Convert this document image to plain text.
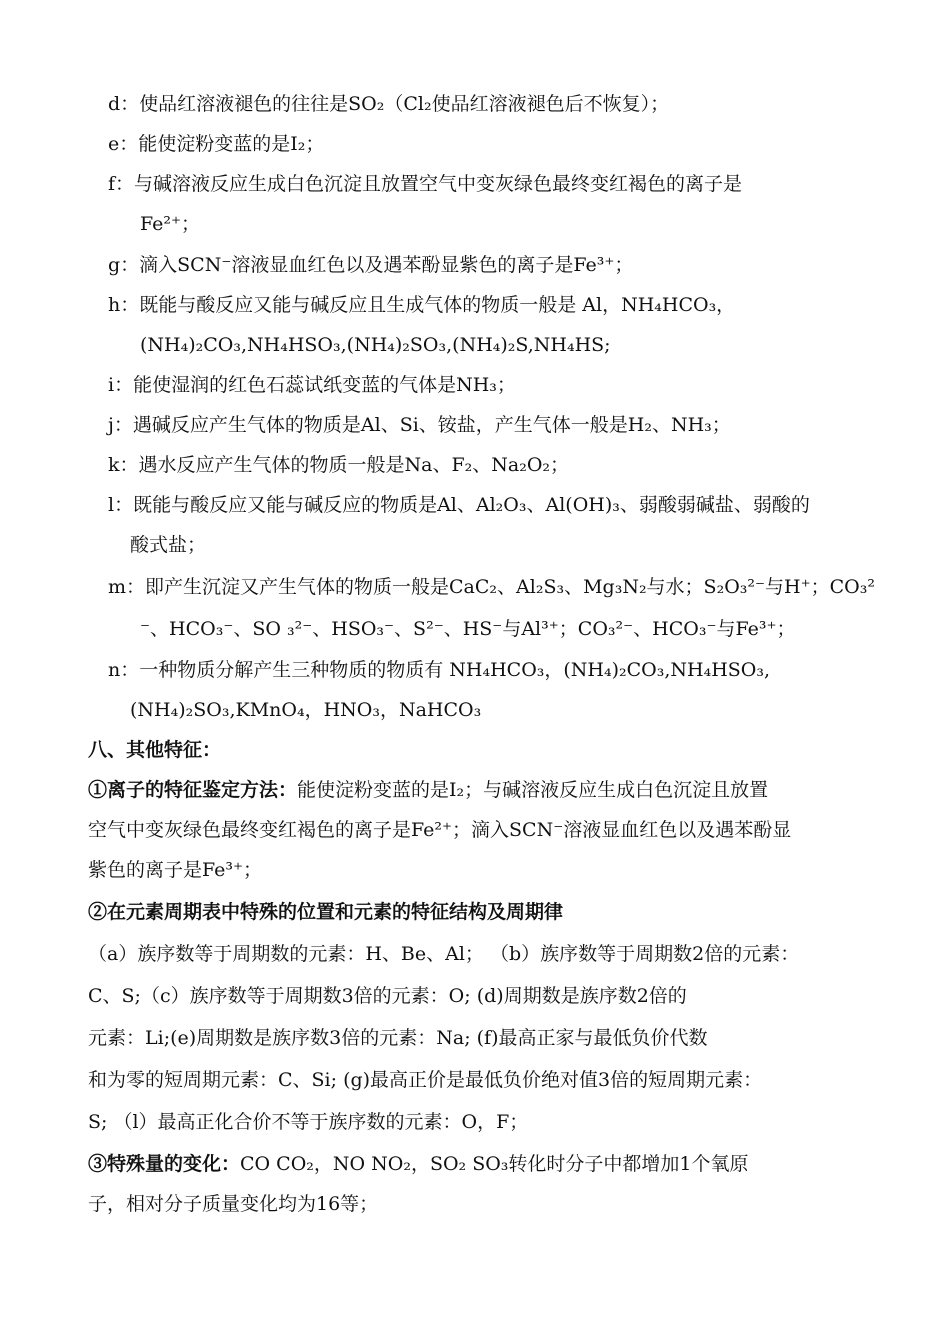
d：使品红溶液褪色的往往是SO₂（Cl₂使品红溶液褪色后不恢复）；
e：能使淀粉变蓝的是I₂；
f：与碱溶液反应生成白色沉淀且放置空气中变灰绿色最终变红褐色的离子是
Fe²⁺；
g：滴入SCN⁻溶液显血红色以及遇苯酚显紫色的离子是Fe³⁺；
h：既能与酸反应又能与碱反应且生成气体的物质一般是 Al，NH₄HCO₃，
(NH₄)₂CO₃,NH₄HSO₃,(NH₄)₂SO₃,(NH₄)₂S,NH₄HS;
i：能使湿润的红色石蕊试纸变蓝的气体是NH₃；
j：遇碱反应产生气体的物质是Al、Si、铵盐，产生气体一般是H₂、NH₃；
k：遇水反应产生气体的物质一般是Na、F₂、Na₂O₂；
l：既能与酸反应又能与碱反应的物质是Al、Al₂O₃、Al(OH)₃、弱酸弱碱盐、弱酸的
酸式盐；
m：即产生沉淀又产生气体的物质一般是CaC₂、Al₂S₃、Mg₃N₂与水；S₂O₃²⁻与H⁺；CO₃²
⁻、HCO₃⁻、SO ₃²⁻、HSO₃⁻、S²⁻、HS⁻与Al³⁺；CO₃²⁻、HCO₃⁻与Fe³⁺；
n：一种物质分解产生三种物质的物质有 NH₄HCO₃，(NH₄)₂CO₃,NH₄HSO₃,
(NH₄)₂SO₃,KMnO₄，HNO₃，NaHCO₃
八、其他特征：
①离子的特征鉴定方法：能使淀粉变蓝的是I₂；与碱溶液反应生成白色沉淀且放置
空气中变灰绿色最终变红褐色的离子是Fe²⁺；滴入SCN⁻溶液显血红色以及遇苯酚显
紫色的离子是Fe³⁺；
②在元素周期表中特殊的位置和元素的特征结构及周期律
（a）族序数等于周期数的元素：H、Be、Al； （b）族序数等于周期数2倍的元素：
C、S;（c）族序数等于周期数3倍的元素：O; (d)周期数是族序数2倍的
元素：Li;(e)周期数是族序数3倍的元素：Na; (f)最高正家与最低负价代数
和为零的短周期元素：C、Si; (g)最高正价是最低负价绝对值3倍的短周期元素：
S; （l）最高正化合价不等于族序数的元素：O，F；
③特殊量的变化：CO CO₂，NO NO₂，SO₂ SO₃转化时分子中都增加1个氧原
子，相对分子质量变化均为16等；
